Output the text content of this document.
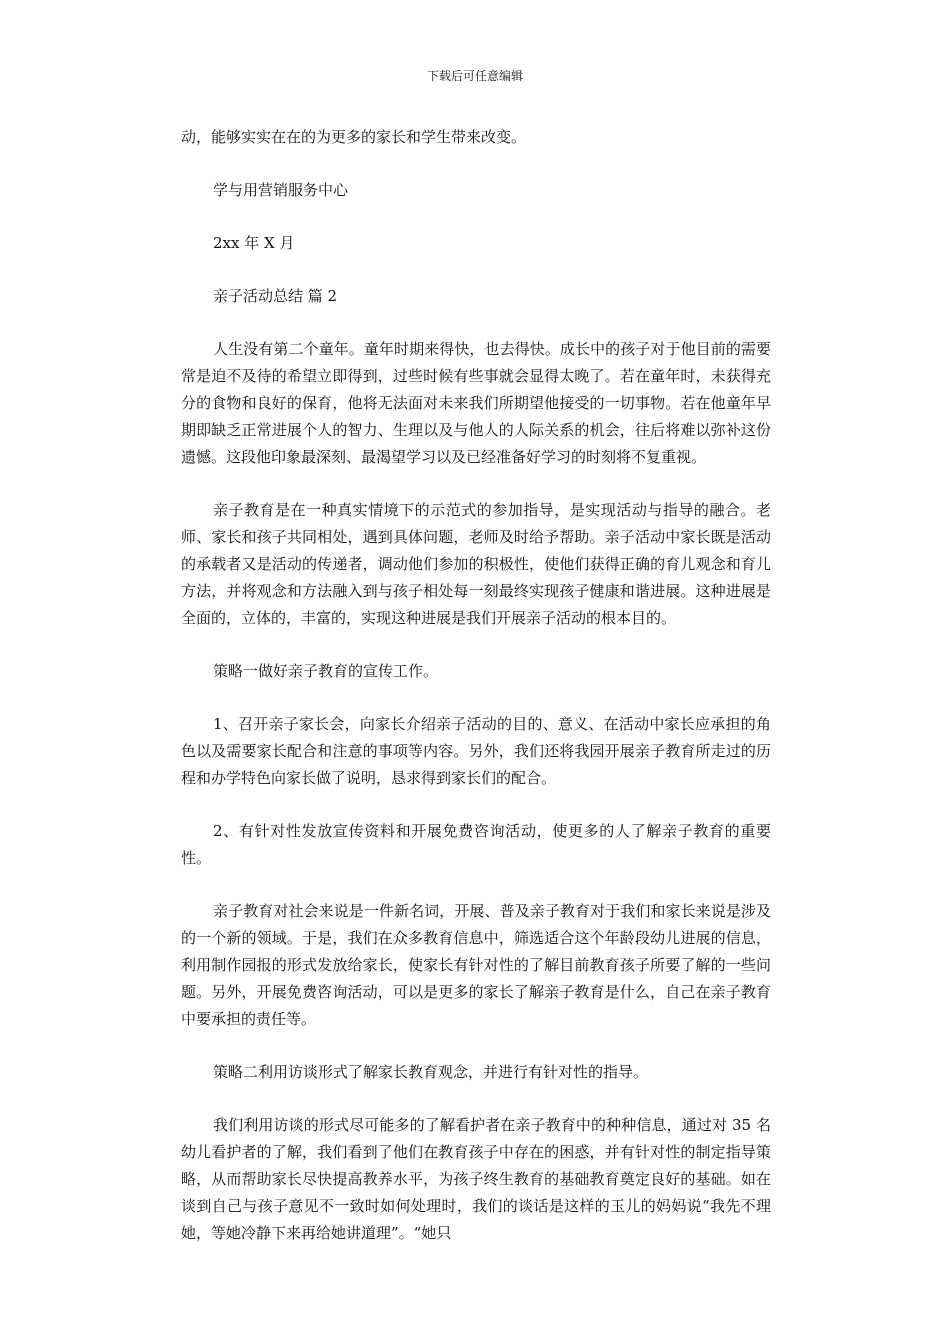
下载后可任意编辑

动，能够实实在在的为更多的家长和学生带来改变。

学与用营销服务中心

2xx 年 X 月

亲子活动总结 篇 2

人生没有第二个童年。童年时期来得快，也去得快。成长中的孩子对于他目前的需要常是迫不及待的希望立即得到，过些时候有些事就会显得太晚了。若在童年时，未获得充分的食物和良好的保育，他将无法面对未来我们所期望他接受的一切事物。若在他童年早期即缺乏正常进展个人的智力、生理以及与他人的人际关系的机会，往后将难以弥补这份遗憾。这段他印象最深刻、最渴望学习以及已经准备好学习的时刻将不复重视。

亲子教育是在一种真实情境下的示范式的参加指导，是实现活动与指导的融合。老师、家长和孩子共同相处，遇到具体问题，老师及时给予帮助。亲子活动中家长既是活动的承载者又是活动的传递者，调动他们参加的积极性，使他们获得正确的育儿观念和育儿方法，并将观念和方法融入到与孩子相处每一刻最终实现孩子健康和谐进展。这种进展是全面的，立体的，丰富的，实现这种进展是我们开展亲子活动的根本目的。

策略一做好亲子教育的宣传工作。

1、召开亲子家长会，向家长介绍亲子活动的目的、意义、在活动中家长应承担的角色以及需要家长配合和注意的事项等内容。另外，我们还将我园开展亲子教育所走过的历程和办学特色向家长做了说明，恳求得到家长们的配合。

2、有针对性发放宣传资料和开展免费咨询活动，使更多的人了解亲子教育的重要性。

亲子教育对社会来说是一件新名词，开展、普及亲子教育对于我们和家长来说是涉及的一个新的领域。于是，我们在众多教育信息中，筛选适合这个年龄段幼儿进展的信息，利用制作园报的形式发放给家长，使家长有针对性的了解目前教育孩子所要了解的一些问题。另外，开展免费咨询活动，可以是更多的家长了解亲子教育是什么，自己在亲子教育中要承担的责任等。

策略二利用访谈形式了解家长教育观念，并进行有针对性的指导。

我们利用访谈的形式尽可能多的了解看护者在亲子教育中的种种信息，通过对 35 名幼儿看护者的了解，我们看到了他们在教育孩子中存在的困惑，并有针对性的制定指导策略，从而帮助家长尽快提高教养水平，为孩子终生教育的基础教育奠定良好的基础。如在谈到自己与孩子意见不一致时如何处理时，我们的谈话是这样的玉儿的妈妈说“我先不理她，等她冷静下来再给她讲道理”。“她只
